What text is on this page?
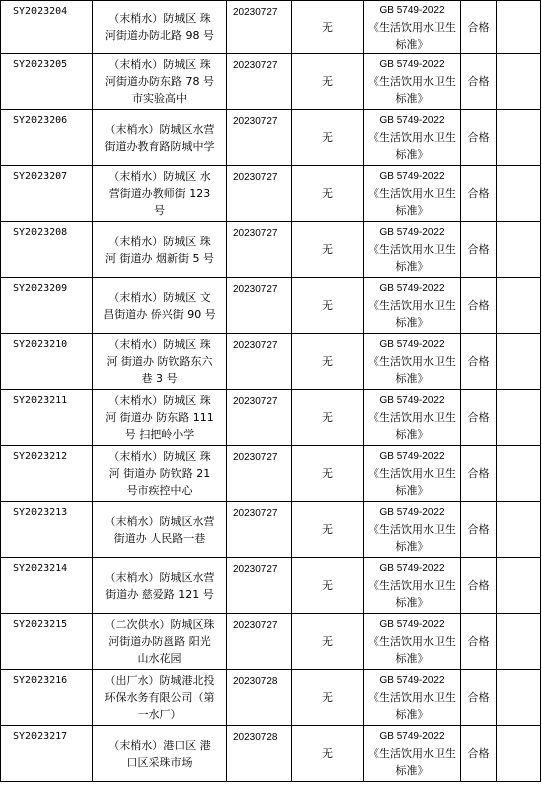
SY2023204	（末梢水）防城区 珠河街道办防北路 98 号	20230727	无	GB 5749-2022
《生活饮用水卫生标准》	合格	
SY2023205	（末梢水）防城区 珠河街道办防东路 78 号市实验高中	20230727	无	GB 5749-2022
《生活饮用水卫生标准》	合格	
SY2023206	（末梢水）防城区水营街道办教育路防城中学	20230727	无	GB 5749-2022
《生活饮用水卫生标准》	合格	
SY2023207	（末梢水）防城区 水营街道办教师街 123 号	20230727	无	GB 5749-2022
《生活饮用水卫生标准》	合格	
SY2023208	（末梢水）防城区 珠河 街道办 烟新街 5 号	20230727	无	GB 5749-2022
《生活饮用水卫生标准》	合格	
SY2023209	（末梢水）防城区 文昌街道办 侨兴街 90 号	20230727	无	GB 5749-2022
《生活饮用水卫生标准》	合格	
SY2023210	（末梢水）防城区 珠河 街道办 防钦路东六巷 3 号	20230727	无	GB 5749-2022
《生活饮用水卫生标准》	合格	
SY2023211	（末梢水）防城区 珠河 街道办 防东路 111 号 扫把岭小学	20230727	无	GB 5749-2022
《生活饮用水卫生标准》	合格	
SY2023212	（末梢水）防城区 珠河 街道办 防钦路 21 号市疾控中心	20230727	无	GB 5749-2022
《生活饮用水卫生标准》	合格	
SY2023213	（末梢水）防城区水营街道办 人民路一巷	20230727	无	GB 5749-2022
《生活饮用水卫生标准》	合格	
SY2023214	（末梢水）防城区水营街道办 慈爱路 121 号	20230727	无	GB 5749-2022
《生活饮用水卫生标准》	合格	
SY2023215	（二次供水）防城区珠河街道办防邕路 阳光山水花园	20230727	无	GB 5749-2022
《生活饮用水卫生标准》	合格	
SY2023216	（出厂水）防城港北投环保水务有限公司（第一水厂）	20230728	无	GB 5749-2022
《生活饮用水卫生标准》	合格	
SY2023217	（末梢水）港口区 港口区采珠市场	20230728	无	GB 5749-2022
《生活饮用水卫生标准》	合格	
